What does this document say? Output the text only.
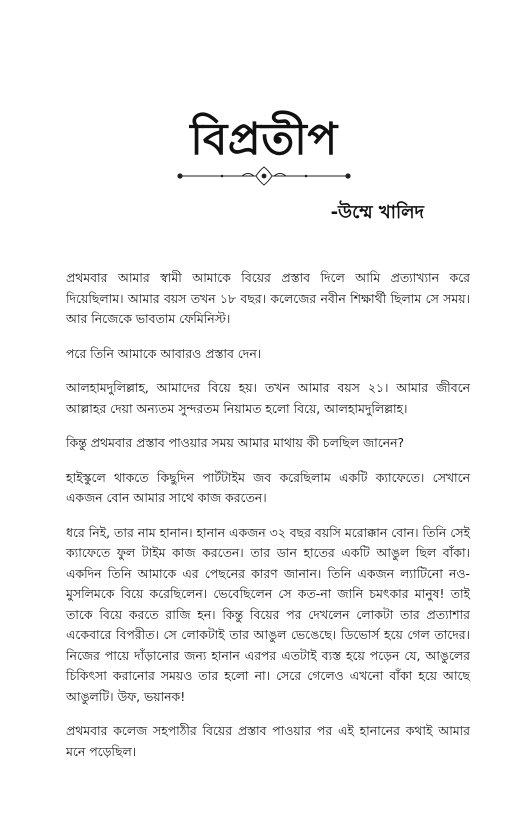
বিপ্রতীপ
-উম্মে খালিদ

প্রথমবার আমার স্বামী আমাকে বিয়ের প্রস্তাব দিলে আমি প্রত্যাখ্যান করে দিয়েছিলাম। আমার বয়স তখন ১৮ বছর। কলেজের নবীন শিক্ষার্থী ছিলাম সে সময়। আর নিজেকে ভাবতাম ফেমিনিস্ট।

পরে তিনি আমাকে আবারও প্রস্তাব দেন।

আলহামদুলিল্লাহ, আমাদের বিয়ে হয়। তখন আমার বয়স ২১। আমার জীবনে আল্লাহর দেয়া অন্যতম সুন্দরতম নিয়ামত হলো বিয়ে, আলহামদুলিল্লাহ।

কিন্তু প্রথমবার প্রস্তাব পাওয়ার সময় আমার মাথায় কী চলছিল জানেন?

হাইস্কুলে থাকতে কিছুদিন পার্টটাইম জব করেছিলাম একটি ক্যাফেতে। সেখানে একজন বোন আমার সাথে কাজ করতেন।

ধরে নিই, তার নাম হানান। হানান একজন ৩২ বছর বয়সি মরোক্কান বোন। তিনি সেই ক্যাফেতে ফুল টাইম কাজ করতেন। তার ডান হাতের একটি আঙুল ছিল বাঁকা। একদিন তিনি আমাকে এর পেছনের কারণ জানান। তিনি একজন ল্যাটিনো নও-মুসলিমকে বিয়ে করেছিলেন। ভেবেছিলেন সে কত-না জানি চমৎকার মানুষ! তাই তাকে বিয়ে করতে রাজি হন। কিন্তু বিয়ের পর দেখলেন লোকটা তার প্রত্যাশার একেবারে বিপরীত। সে লোকটাই তার আঙুল ভেঙেছে। ডিভোর্স হয়ে গেল তাদের। নিজের পায়ে দাঁড়ানোর জন্য হানান এরপর এতটাই ব্যস্ত হয়ে পড়েন যে, আঙুলের চিকিৎসা করানোর সময়ও তার হলো না। সেরে গেলেও এখনো বাঁকা হয়ে আছে আঙুলটি। উফ, ভয়ানক!

প্রথমবার কলেজ সহপাঠীর বিয়ের প্রস্তাব পাওয়ার পর এই হানানের কথাই আমার মনে পড়েছিল।
